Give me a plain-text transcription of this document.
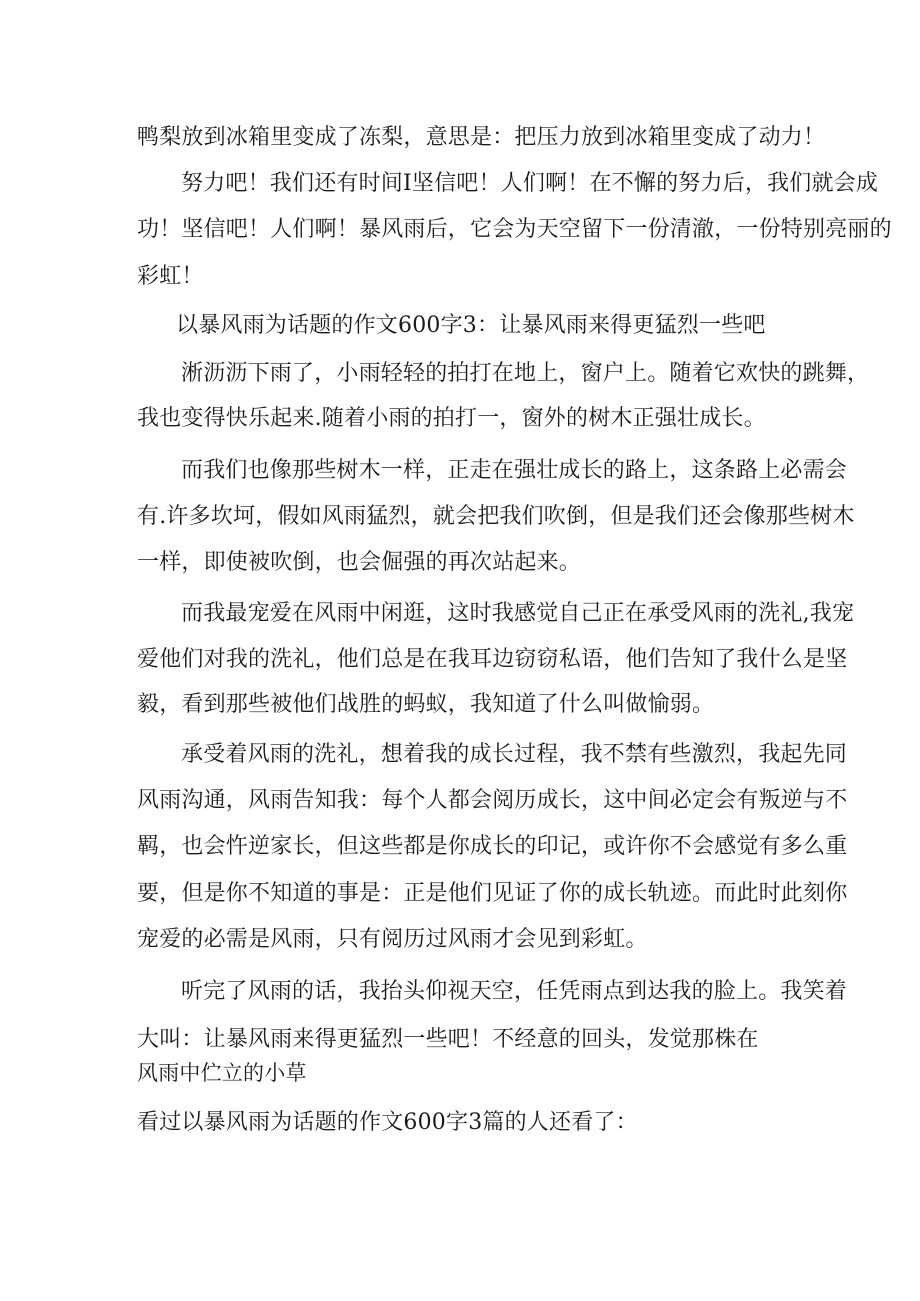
鸭梨放到冰箱里变成了冻梨，意思是：把压力放到冰箱里变成了动力！
努力吧！我们还有时间I坚信吧！人们啊！在不懈的努力后，我们就会成
功！坚信吧！人们啊！暴风雨后，它会为天空留下一份清澈，一份特别亮丽的
彩虹！
以暴风雨为话题的作文600字3：让暴风雨来得更猛烈一些吧
淅沥沥下雨了，小雨轻轻的拍打在地上，窗户上。随着它欢快的跳舞，
我也变得快乐起来.随着小雨的拍打一，窗外的树木正强壮成长。
而我们也像那些树木一样，正走在强壮成长的路上，这条路上必需会
有.许多坎坷，假如风雨猛烈，就会把我们吹倒，但是我们还会像那些树木
一样，即使被吹倒，也会倔强的再次站起来。
而我最宠爱在风雨中闲逛，这时我感觉自己正在承受风雨的洗礼,我宠
爱他们对我的洗礼，他们总是在我耳边窃窃私语，他们告知了我什么是坚
毅，看到那些被他们战胜的蚂蚁，我知道了什么叫做愉弱。
承受着风雨的洗礼，想着我的成长过程，我不禁有些激烈，我起先同
风雨沟通，风雨告知我：每个人都会阅历成长，这中间必定会有叛逆与不
羁，也会忤逆家长，但这些都是你成长的印记，或许你不会感觉有多么重
要，但是你不知道的事是：正是他们见证了你的成长轨迹。而此时此刻你
宠爱的必需是风雨，只有阅历过风雨才会见到彩虹。
听完了风雨的话，我抬头仰视天空，任凭雨点到达我的脸上。我笑着
大叫：让暴风雨来得更猛烈一些吧！不经意的回头，发觉那株在
风雨中伫立的小草
看过以暴风雨为话题的作文600字3篇的人还看了：
